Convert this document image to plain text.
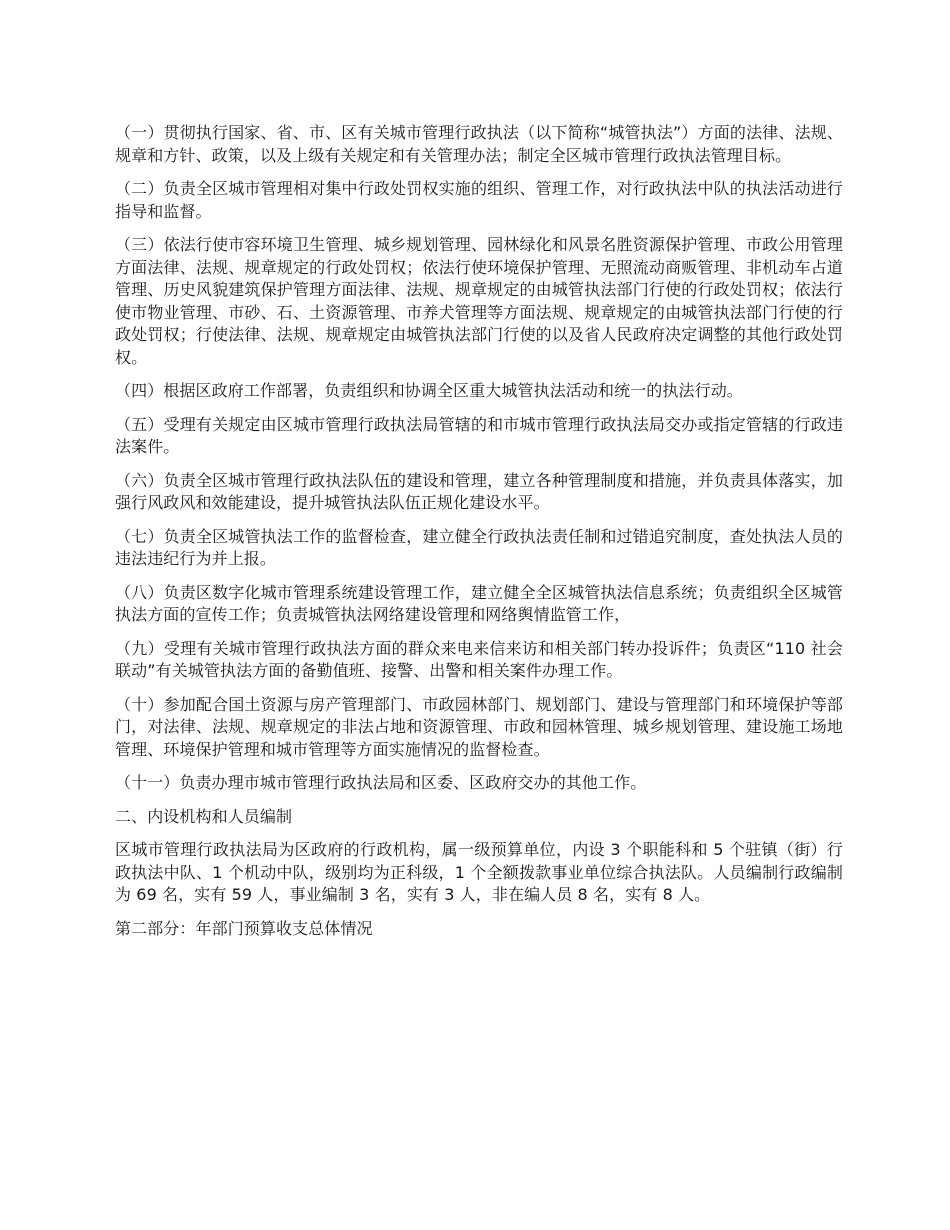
（一）贯彻执行国家、省、市、区有关城市管理行政执法（以下简称“城管执法”）方面的法律、法规、规章和方针、政策，以及上级有关规定和有关管理办法；制定全区城市管理行政执法管理目标。

（二）负责全区城市管理相对集中行政处罚权实施的组织、管理工作，对行政执法中队的执法活动进行指导和监督。

（三）依法行使市容环境卫生管理、城乡规划管理、园林绿化和风景名胜资源保护管理、市政公用管理方面法律、法规、规章规定的行政处罚权；依法行使环境保护管理、无照流动商贩管理、非机动车占道管理、历史风貌建筑保护管理方面法律、法规、规章规定的由城管执法部门行使的行政处罚权；依法行使市物业管理、市砂、石、土资源管理、市养犬管理等方面法规、规章规定的由城管执法部门行使的行政处罚权；行使法律、法规、规章规定由城管执法部门行使的以及省人民政府决定调整的其他行政处罚权。

（四）根据区政府工作部署，负责组织和协调全区重大城管执法活动和统一的执法行动。

（五）受理有关规定由区城市管理行政执法局管辖的和市城市管理行政执法局交办或指定管辖的行政违法案件。

（六）负责全区城市管理行政执法队伍的建设和管理，建立各种管理制度和措施，并负责具体落实，加强行风政风和效能建设，提升城管执法队伍正规化建设水平。

（七）负责全区城管执法工作的监督检查，建立健全行政执法责任制和过错追究制度，查处执法人员的违法违纪行为并上报。

（八）负责区数字化城市管理系统建设管理工作，建立健全全区城管执法信息系统；负责组织全区城管执法方面的宣传工作；负责城管执法网络建设管理和网络舆情监管工作，

（九）受理有关城市管理行政执法方面的群众来电来信来访和相关部门转办投诉件；负责区“110 社会联动”有关城管执法方面的备勤值班、接警、出警和相关案件办理工作。

（十）参加配合国土资源与房产管理部门、市政园林部门、规划部门、建设与管理部门和环境保护等部门，对法律、法规、规章规定的非法占地和资源管理、市政和园林管理、城乡规划管理、建设施工场地管理、环境保护管理和城市管理等方面实施情况的监督检查。

（十一）负责办理市城市管理行政执法局和区委、区政府交办的其他工作。

二、内设机构和人员编制

区城市管理行政执法局为区政府的行政机构，属一级预算单位，内设 3 个职能科和 5 个驻镇（街）行政执法中队、1 个机动中队，级别均为正科级，1 个全额拨款事业单位综合执法队。人员编制行政编制为 69 名，实有 59 人，事业编制 3 名，实有 3 人，非在编人员 8 名，实有 8 人。

第二部分：年部门预算收支总体情况
